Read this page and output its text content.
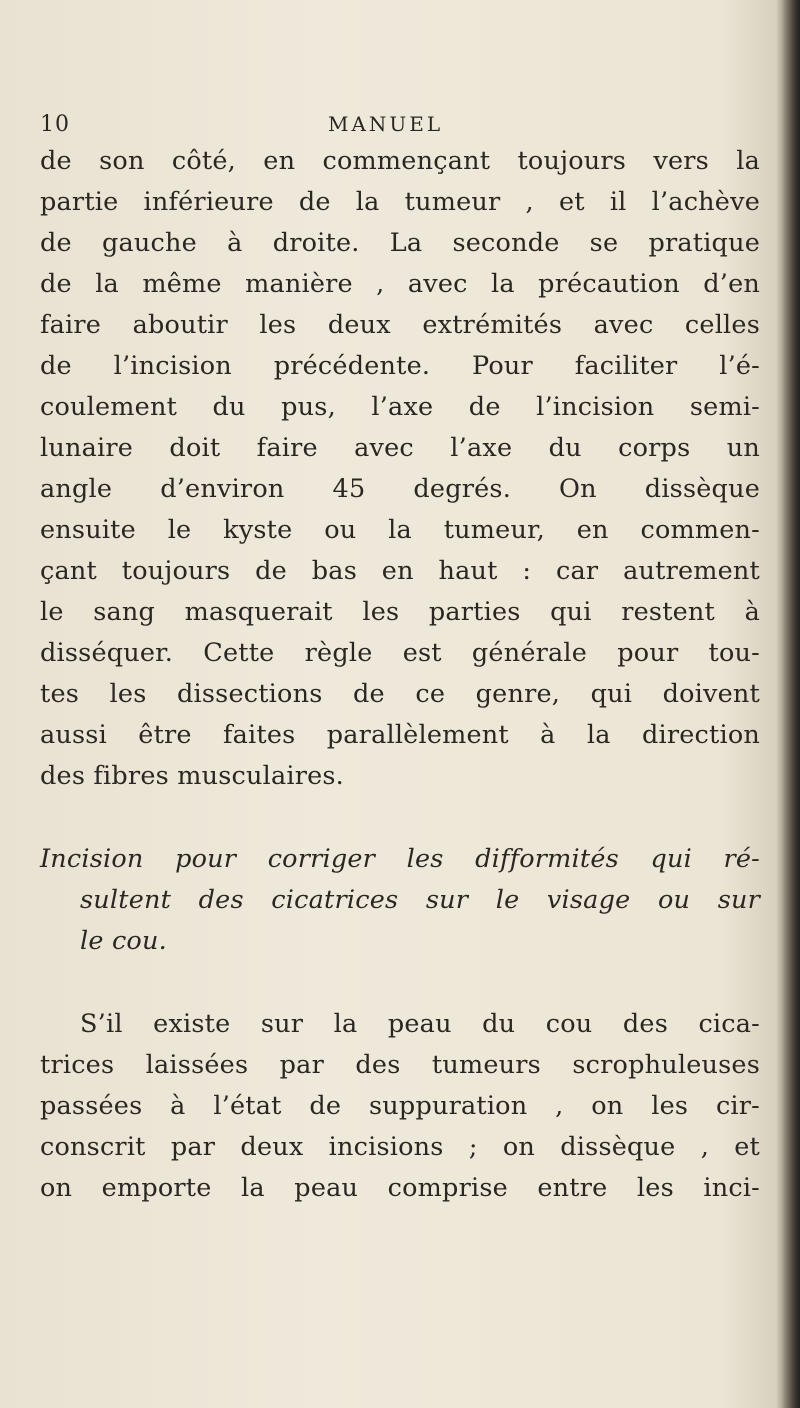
10	MANUEL
de son côté, en commençant toujours vers la
partie inférieure de la tumeur , et il l’achève
de gauche à droite. La seconde se pratique
de la même manière , avec la précaution d’en
faire aboutir les deux extrémités avec celles
de l’incision précédente. Pour faciliter l’é-
coulement du pus, l’axe de l’incision semi-
lunaire doit faire avec l’axe du corps un
angle d’environ 45 degrés. On dissèque
ensuite le kyste ou la tumeur, en commen-
çant toujours de bas en haut : car autrement
le sang masquerait les parties qui restent à
disséquer. Cette règle est générale pour tou-
tes les dissections de ce genre, qui doivent
aussi être faites parallèlement à la direction
des fibres musculaires.
Incision pour corriger les difformités qui ré-
sultent des cicatrices sur le visage ou sur
le cou.
S’il existe sur la peau du cou des cica-
trices laissées par des tumeurs scrophuleuses
passées à l’état de suppuration , on les cir-
conscrit par deux incisions ; on dissèque , et
on emporte la peau comprise entre les inci-
